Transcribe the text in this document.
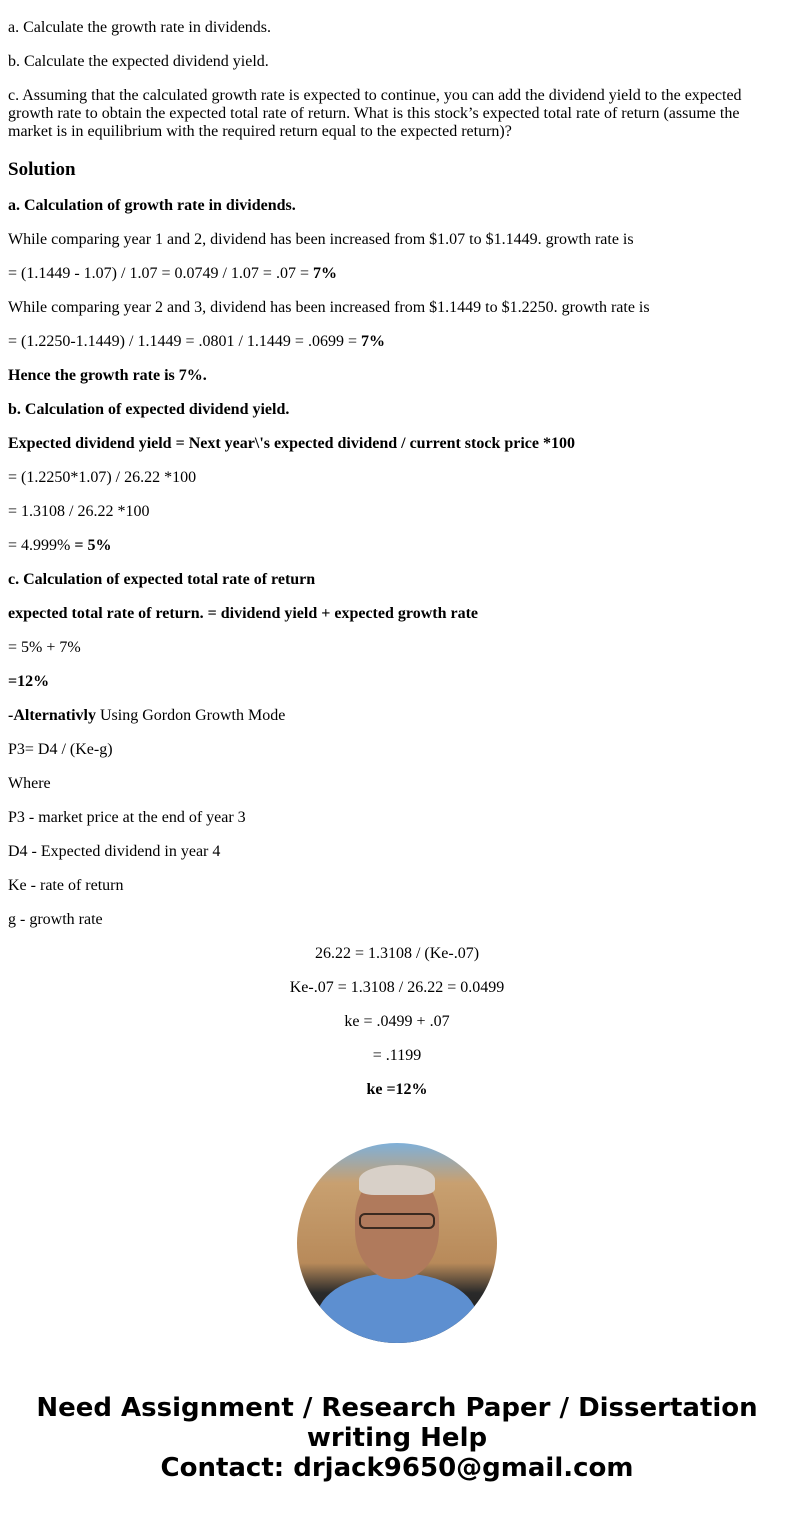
a. Calculate the growth rate in dividends.

b. Calculate the expected dividend yield.

c. Assuming that the calculated growth rate is expected to continue, you can add the dividend yield to the expected growth rate to obtain the expected total rate of return. What is this stock’s expected total rate of return (assume the market is in equilibrium with the required return equal to the expected return)?

Solution

a. Calculation of growth rate in dividends.

While comparing year 1 and 2, dividend has been increased from $1.07 to $1.1449. growth rate is

= (1.1449 - 1.07) / 1.07 = 0.0749 / 1.07 = .07 = 7%

While comparing year 2 and 3, dividend has been increased from $1.1449 to $1.2250. growth rate is

= (1.2250-1.1449) / 1.1449 = .0801 / 1.1449 = .0699 = 7%

Hence the growth rate is 7%.

b. Calculation of expected dividend yield.

Expected dividend yield = Next year\'s expected dividend / current stock price *100

= (1.2250*1.07) / 26.22 *100

= 1.3108 / 26.22 *100

= 4.999% = 5%

c. Calculation of expected total rate of return

expected total rate of return. = dividend yield + expected growth rate

= 5% + 7%

=12%

-Alternativly Using Gordon Growth Mode

P3= D4 / (Ke-g)

Where

P3 - market price at the end of year 3

D4 - Expected dividend in year 4

Ke - rate of return

g - growth rate

26.22 = 1.3108 / (Ke-.07)

Ke-.07 = 1.3108 / 26.22 = 0.0499

ke = .0499 + .07

= .1199

ke =12%

Need Assignment / Research Paper / Dissertation writing Help
Contact: drjack9650@gmail.com
